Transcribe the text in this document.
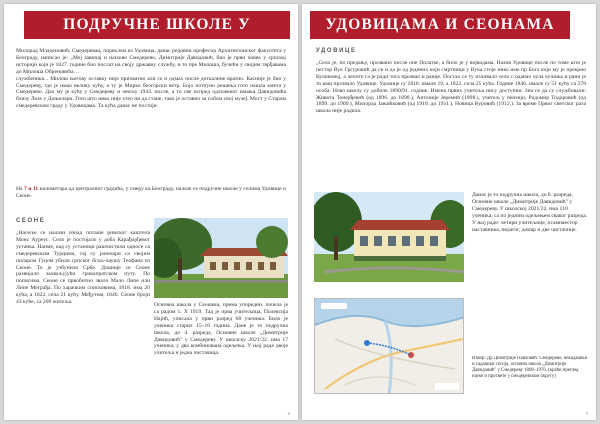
ПОДРУЧНЕ ШКОЛЕ У

Милорад Младеновић, Смедеревац, пореклом из Удовица, данас редовни професор Архитектонског факултета у Београду, написао је: „Мој завичај и њихово Смедерево, Димитрије Давидовић, био је први човек у српској историји који је 1827. године био послат на своју државну службу, и то пре Милоша, бучећи у својим тврђавама до Милоша Обреновића…

службеника... Милош његову оставку није прихватио али се и одмах после доткалине вратио. Касније је био у Смедереву, где је имао велику кућу, а ту је Мирко беогорски ветр. Бојо потпуно решења гото нашла кмета у Смедерево. Дао му је кућу у Смедереву и земљу 1943. после, а то све испред одложеног имања Давидовића близу Лозе у Доњилари. Гото што нико није хтео ни да стане, тако је оставио за собом свој музеј. Мост у Старом смедеревском граду у Удовицама. Та кућа данас не постоји.

На 7 и 11 километара од централног градића, у смеру ка Београду, налазе се подручне школе у селима Удовице и Сеоне.
СЕОНЕ
„Насеље се налази изнад поташе римског каштела Монс Аурeус. Село је постојало у доба Карађорђевог устанка. Наиме, кад су устаници рашчистили односе са смедеревским Турцима, тај су јаничари са својим пиларом Гуцом убили српског бгаљ-чаушу Теофана из Сеоне. То је узбунило Србе. Доцније се Сеоне развијало захваљујући грчкопратском путу. По пописима, Сеоне се првобитно звало Мало Липе или Липе Меграђа. По харачким списковима, 1818. има 20 кућа, а 1822. села 21 кућу. Међутим, 1846. Сеоне броји 43 куће, са 209 житеља.	Основна школа у Сеонама, према упоредни, почела је са радом 1. Х 1919. Тад је прва учитељица, Полексија Најић, уписала у први разред 68 ученика. Било је ученика старих 15–16 година. Дане је то подручна школа, до 4. разреда, Основне школе „Димитрије Давидовић" у Смедереву. У школску 2021/22. има 17 ученика, у два комбинована одељења. У њој раде двоје учитеља и једна чистачица.
8
УДОВИЦАМА И СЕОНАМА
УДОВИЦЕ
„Село је, по предању, прозвано после оне Полатке, а било је у војводама. Назив Удовице после по томе што је пестор Вук Гргуровић да се и да је од јединих који смртници у Вука стоје нико име пр Бога који му је прекрио Кулиновој, а лепоте га је ради тога прозвао и ранце. Постао се ту изливало село с оданао чула кучиња и рани је то ваш прозвало Удовице. Удовице су 1818. имале 19, а 1822. села 25 кућа. Године 1846. имале су 51 кућу са 278 особа. Ново школу су добиле 1890/91. године. Имена првих учитеља нису доступни. Зна се да су службовали: Живота Тонерђевић (од 1896. до 1898.), Антоније Јеремић (1898.), учитељ у пензији, Радомир Тодоровић (од 1899. до 1909.), Милорад Јањићковић (од 1910. до 1911.), Новица Вуровић (1912.). За време Првог светског рата школа није радила.
Данас је то подручна школа, до 8. разреда, Основне школе „Димитрије Давидовић" у Смедереву. У школској 2021/22. има 110 ученика, са по једним одељењем сваког разреда. У њој раде: четири учитељице, осамнаестор наставника, педагог, домар и две чистачице.
Извор: Др Димитрије Павловић: Смедерево, некадашњи и садашњи сесија, основна школа „Димитрије Давидовић" у Смедереву 1808–1976. (краћи преглед науке и просвете у смедеревском округу)
9
